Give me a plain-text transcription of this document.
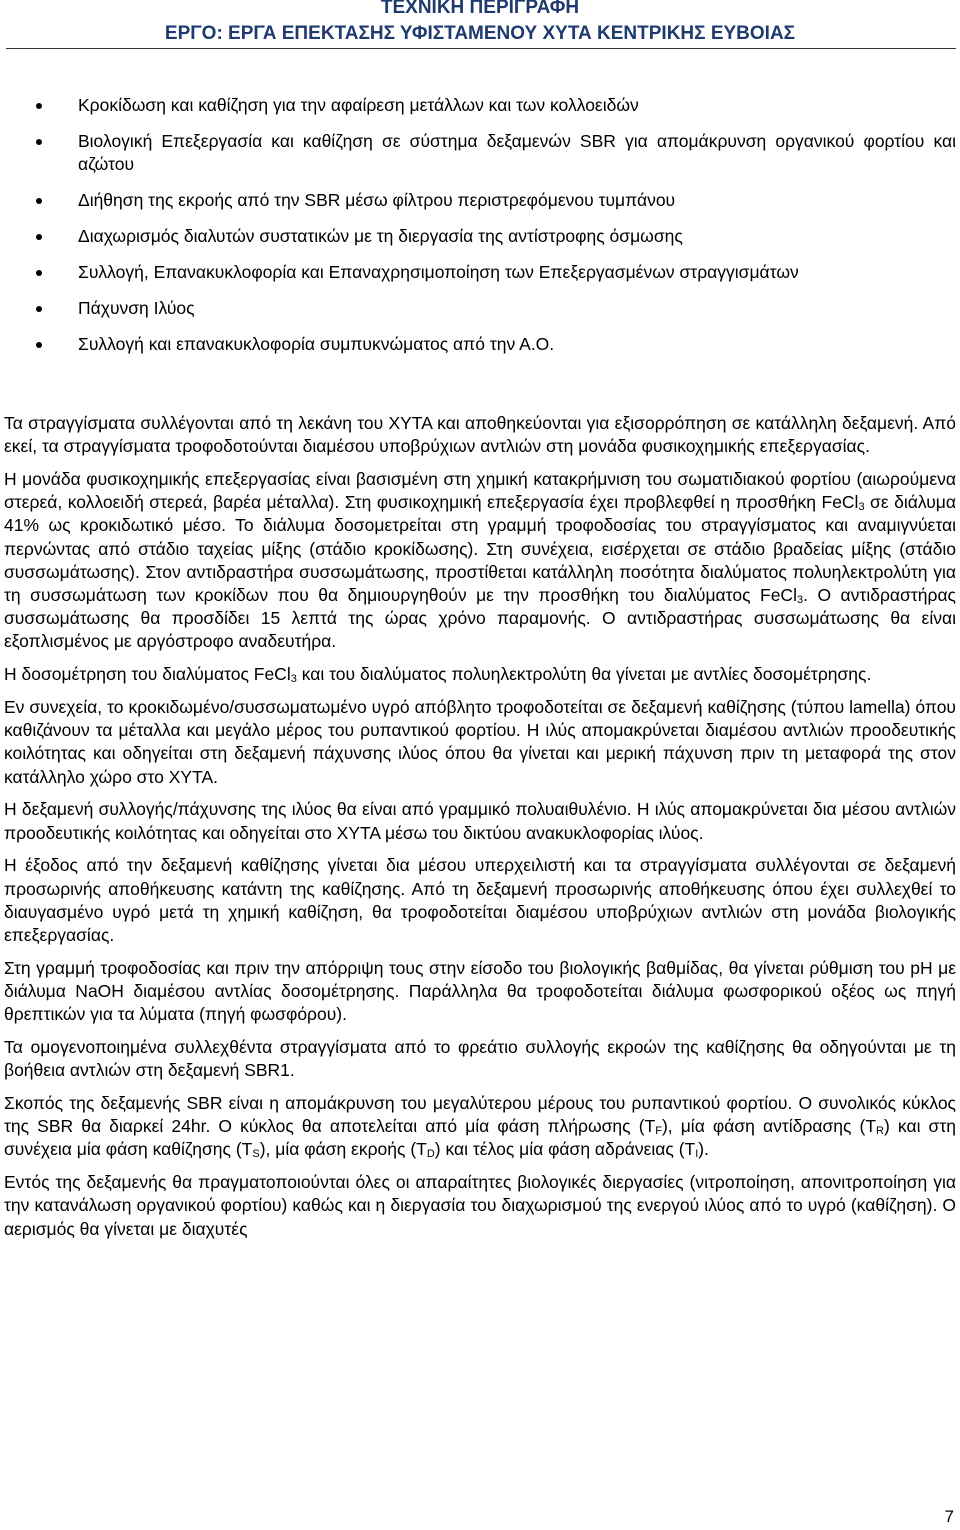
ΤΕΧΝΙΚΗ ΠΕΡΙΓΡΑΦΗ
ΕΡΓΟ: ΕΡΓΑ ΕΠΕΚΤΑΣΗΣ ΥΦΙΣΤΑΜΕΝΟΥ ΧΥΤΑ ΚΕΝΤΡΙΚΗΣ ΕΥΒΟΙΑΣ
Κροκίδωση και καθίζηση για την αφαίρεση μετάλλων και των κολλοειδών
Βιολογική Επεξεργασία και καθίζηση σε σύστημα δεξαμενών SBR για απομάκρυνση οργανικού φορτίου και αζώτου
Διήθηση της εκροής από την SBR μέσω φίλτρου περιστρεφόμενου τυμπάνου
Διαχωρισμός διαλυτών συστατικών με τη διεργασία της αντίστροφης όσμωσης
Συλλογή, Επανακυκλοφορία και Επαναχρησιμοποίηση των Επεξεργασμένων στραγγισμάτων
Πάχυνση Ιλύος
Συλλογή και επανακυκλοφορία συμπυκνώματος από την Α.Ο.

Τα στραγγίσματα συλλέγονται από τη λεκάνη του ΧΥΤΑ και αποθηκεύονται για εξισορρόπηση σε κατάλληλη δεξαμενή. Από εκεί, τα στραγγίσματα τροφοδοτούνται διαμέσου υποβρύχιων αντλιών στη μονάδα φυσικοχημικής επεξεργασίας.

Η μονάδα φυσικοχημικής επεξεργασίας είναι βασισμένη στη χημική κατακρήμνιση του σωματιδιακού φορτίου (αιωρούμενα στερεά, κολλοειδή στερεά, βαρέα μέταλλα). Στη φυσικοχημική επεξεργασία έχει προβλεφθεί η προσθήκη FeCl$_3$ σε διάλυμα 41% ως κροκιδωτικό μέσο. Το διάλυμα δοσομετρείται στη γραμμή τροφοδοσίας του στραγγίσματος και αναμιγνύεται περνώντας από στάδιο ταχείας μίξης (στάδιο κροκίδωσης). Στη συνέχεια, εισέρχεται σε στάδιο βραδείας μίξης (στάδιο συσσωμάτωσης). Στον αντιδραστήρα συσσωμάτωσης, προστίθεται κατάλληλη ποσότητα διαλύματος πολυηλεκτρολύτη για τη συσσωμάτωση των κροκίδων που θα δημιουργηθούν με την προσθήκη του διαλύματος FeCl$_3$. Ο αντιδραστήρας συσσωμάτωσης θα προσδίδει 15 λεπτά της ώρας χρόνο παραμονής. Ο αντιδραστήρας συσσωμάτωσης θα είναι εξοπλισμένος με αργόστροφο αναδευτήρα.

Η δοσομέτρηση του διαλύματος FeCl$_3$ και του διαλύματος πολυηλεκτρολύτη θα γίνεται με αντλίες δοσομέτρησης.

Εν συνεχεία, το κροκιδωμένο/συσσωματωμένο υγρό απόβλητο τροφοδοτείται σε δεξαμενή καθίζησης (τύπου lamella) όπου καθιζάνουν τα μέταλλα και μεγάλο μέρος του ρυπαντικού φορτίου. Η ιλύς απομακρύνεται διαμέσου αντλιών προοδευτικής κοιλότητας και οδηγείται στη δεξαμενή πάχυνσης ιλύος όπου θα γίνεται και μερική πάχυνση πριν τη μεταφορά της στον κατάλληλο χώρο στο ΧΥΤΑ.

Η δεξαμενή συλλογής/πάχυνσης της ιλύος θα είναι από γραμμικό πολυαιθυλένιο. Η ιλύς απομακρύνεται δια μέσου αντλιών προοδευτικής κοιλότητας και οδηγείται στο ΧΥΤΑ μέσω του δικτύου ανακυκλοφορίας ιλύος.

Η έξοδος από την δεξαμενή καθίζησης γίνεται δια μέσου υπερχειλιστή και τα στραγγίσματα συλλέγονται σε δεξαμενή προσωρινής αποθήκευσης κατάντη της καθίζησης. Από τη δεξαμενή προσωρινής αποθήκευσης όπου έχει συλλεχθεί το διαυγασμένο υγρό μετά τη χημική καθίζηση, θα τροφοδοτείται διαμέσου υποβρύχιων αντλιών στη μονάδα βιολογικής επεξεργασίας.

Στη γραμμή τροφοδοσίας και πριν την απόρριψη τους στην είσοδο του βιολογικής βαθμίδας, θα γίνεται ρύθμιση του pH με διάλυμα NaOH διαμέσου αντλίας δοσομέτρησης. Παράλληλα θα τροφοδοτείται διάλυμα φωσφορικού οξέος ως πηγή θρεπτικών για τα λύματα (πηγή φωσφόρου).

Τα ομογενοποιημένα συλλεχθέντα στραγγίσματα από το φρεάτιο συλλογής εκροών της καθίζησης θα οδηγούνται με τη βοήθεια αντλιών στη δεξαμενή SBR1.

Σκοπός της δεξαμενής SBR είναι η απομάκρυνση του μεγαλύτερου μέρους του ρυπαντικού φορτίου. Ο συνολικός κύκλος της SBR θα διαρκεί 24hr. Ο κύκλος θα αποτελείται από μία φάση πλήρωσης $(T_F)$, μία φάση αντίδρασης $(T_R)$ και στη συνέχεια μία φάση καθίζησης $(T_S)$, μία φάση εκροής $(T_D)$ και τέλος μία φάση αδράνειας $(T_I)$.

Εντός της δεξαμενής θα πραγματοποιούνται όλες οι απαραίτητες βιολογικές διεργασίες (νιτροποίηση, απονιτροποίηση για την κατανάλωση οργανικού φορτίου) καθώς και η διεργασία του διαχωρισμού της ενεργού ιλύος από το υγρό (καθίζηση). Ο αερισμός θα γίνεται με διαχυτές

7
